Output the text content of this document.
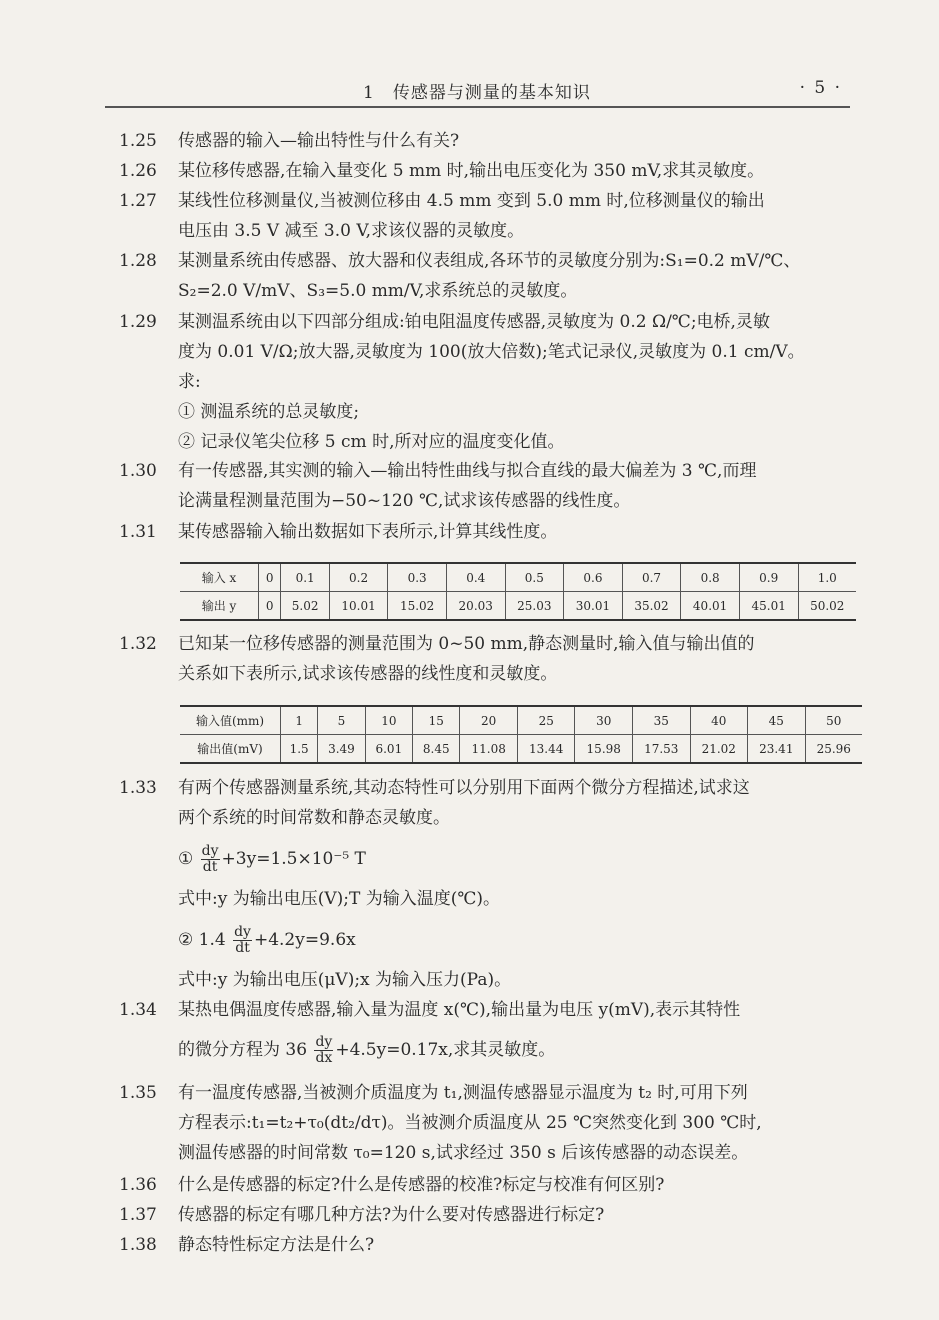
1　传感器与测量的基本知识	· 5 ·
1.25 传感器的输入—输出特性与什么有关?
1.26 某位移传感器,在输入量变化 5 mm 时,输出电压变化为 350 mV,求其灵敏度。
1.27 某线性位移测量仪,当被测位移由 4.5 mm 变到 5.0 mm 时,位移测量仪的输出
电压由 3.5 V 减至 3.0 V,求该仪器的灵敏度。
1.28 某测量系统由传感器、放大器和仪表组成,各环节的灵敏度分别为:S₁=0.2 mV/℃、
S₂=2.0 V/mV、S₃=5.0 mm/V,求系统总的灵敏度。
1.29 某测温系统由以下四部分组成:铂电阻温度传感器,灵敏度为 0.2 Ω/℃;电桥,灵敏
度为 0.01 V/Ω;放大器,灵敏度为 100(放大倍数);笔式记录仪,灵敏度为 0.1 cm/V。
求:
① 测温系统的总灵敏度;
② 记录仪笔尖位移 5 cm 时,所对应的温度变化值。
1.30 有一传感器,其实测的输入—输出特性曲线与拟合直线的最大偏差为 3 ℃,而理
论满量程测量范围为−50~120 ℃,试求该传感器的线性度。
1.31 某传感器输入输出数据如下表所示,计算其线性度。
输入 x	0	0.1	0.2	0.3	0.4	0.5	0.6	0.7	0.8	0.9	1.0
输出 y	0	5.02	10.01	15.02	20.03	25.03	30.01	35.02	40.01	45.01	50.02
1.32 已知某一位移传感器的测量范围为 0~50 mm,静态测量时,输入值与输出值的
关系如下表所示,试求该传感器的线性度和灵敏度。
输入值(mm)	1	5	10	15	20	25	30	35	40	45	50
输出值(mV)	1.5	3.49	6.01	8.45	11.08	13.44	15.98	17.53	21.02	23.41	25.96
1.33 有两个传感器测量系统,其动态特性可以分别用下面两个微分方程描述,试求这
两个系统的时间常数和静态灵敏度。
① $\frac{dy}{dt} +3y=1.5\times 10^{-5}$ T
式中:y 为输出电压(V);T 为输入温度(℃)。
② $1.4 \frac{dy}{dt} +4.2y=9.6x$
式中:y 为输出电压(μV);x 为输入压力(Pa)。
1.34 某热电偶温度传感器,输入量为温度 x(℃),输出量为电压 y(mV),表示其特性
的微分方程为 $36 \frac{dy}{dx} +4.5y=0.17x$,求其灵敏度。
1.35 有一温度传感器,当被测介质温度为 t₁,测温传感器显示温度为 t₂ 时,可用下列
方程表示:t₁=t₂+τ₀(dt₂/dτ)。当被测介质温度从 25 ℃突然变化到 300 ℃时,
测温传感器的时间常数 τ₀=120 s,试求经过 350 s 后该传感器的动态误差。
1.36 什么是传感器的标定?什么是传感器的校准?标定与校准有何区别?
1.37 传感器的标定有哪几种方法?为什么要对传感器进行标定?
1.38 静态特性标定方法是什么?
